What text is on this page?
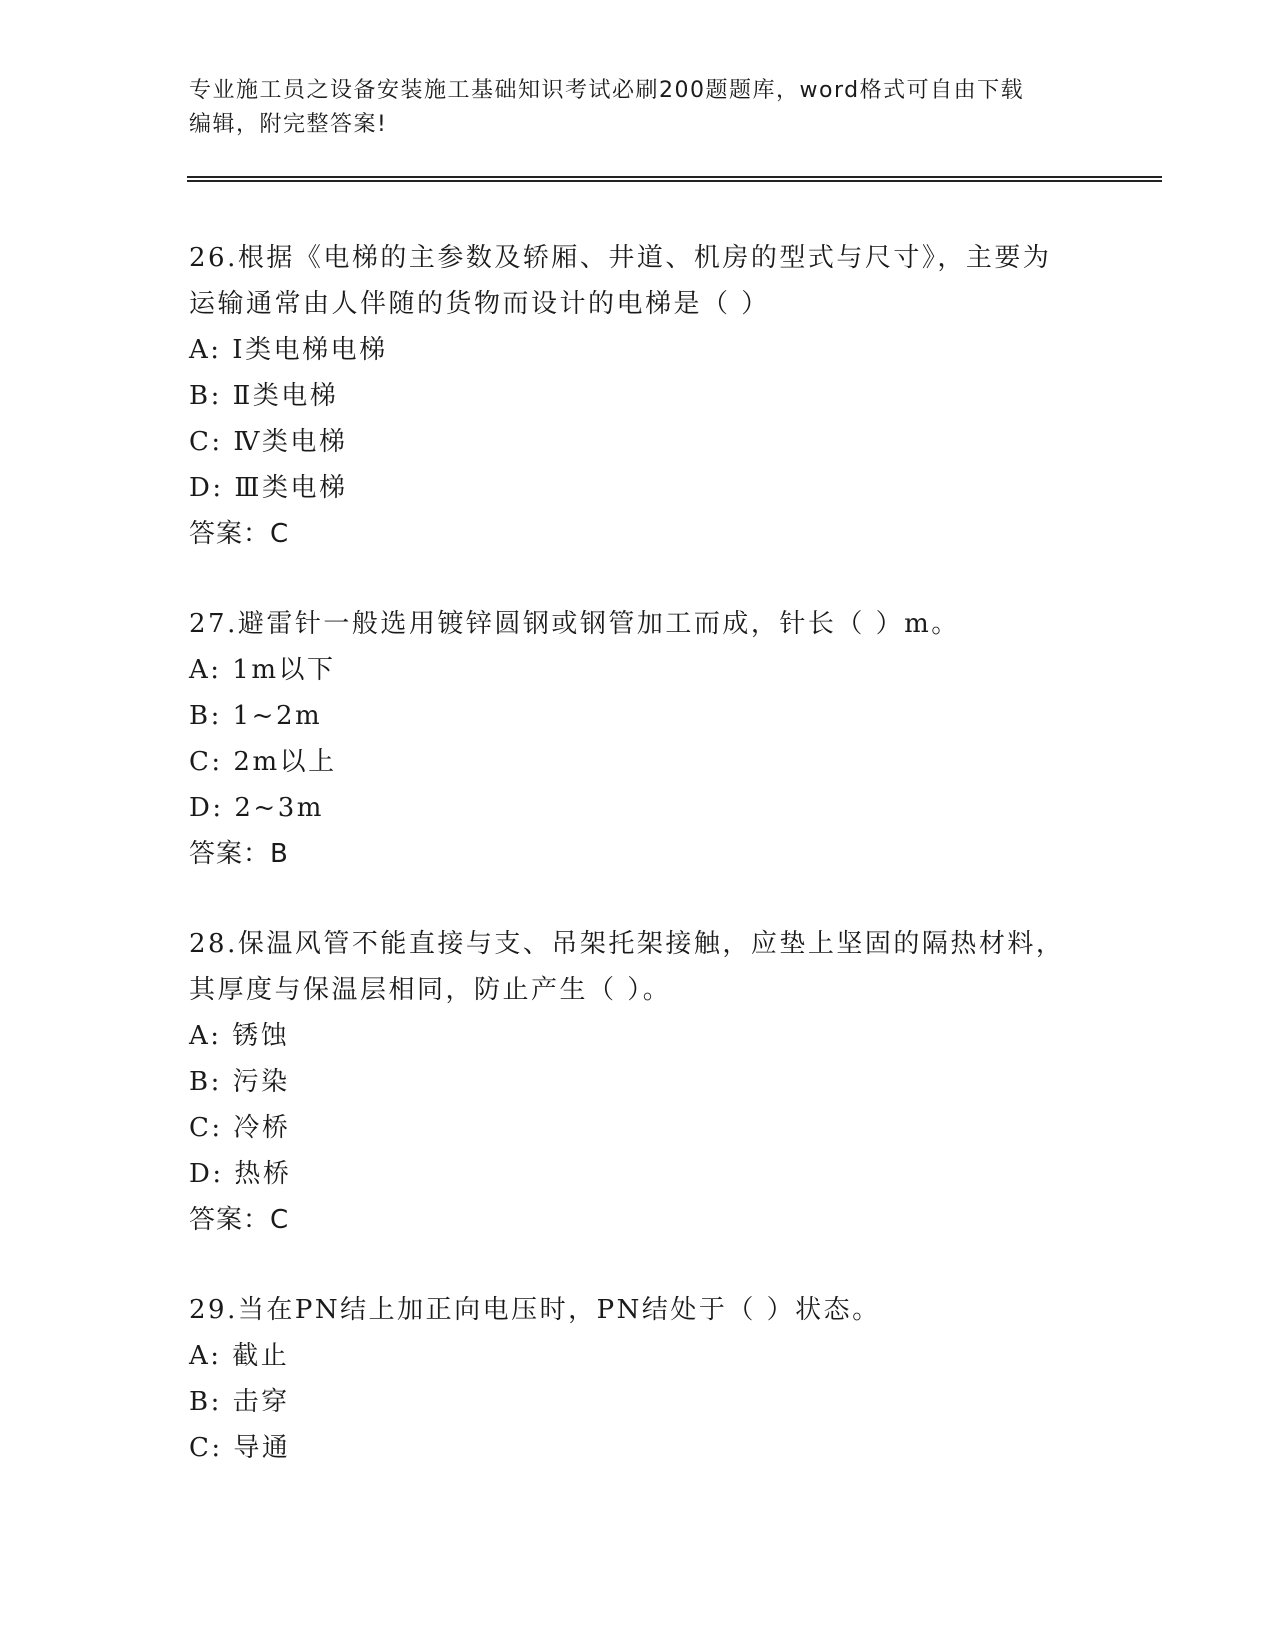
专业施工员之设备安装施工基础知识考试必刷200题题库，word格式可自由下载
编辑，附完整答案!
26.根据《电梯的主参数及轿厢、井道、机房的型式与尺寸》，主要为
运输通常由人伴随的货物而设计的电梯是（ ）
A: Ⅰ类电梯电梯
B: Ⅱ类电梯
C: Ⅳ类电梯
D: Ⅲ类电梯
答案：C
27.避雷针一般选用镀锌圆钢或钢管加工而成，针长（ ）m。
A: 1m以下
B: 1~2m
C: 2m以上
D: 2~3m
答案：B
28.保温风管不能直接与支、吊架托架接触，应垫上坚固的隔热材料，
其厚度与保温层相同，防止产生（ ）。
A: 锈蚀
B: 污染
C: 冷桥
D: 热桥
答案：C
29.当在PN结上加正向电压时，PN结处于（ ）状态。
A: 截止
B: 击穿
C: 导通
